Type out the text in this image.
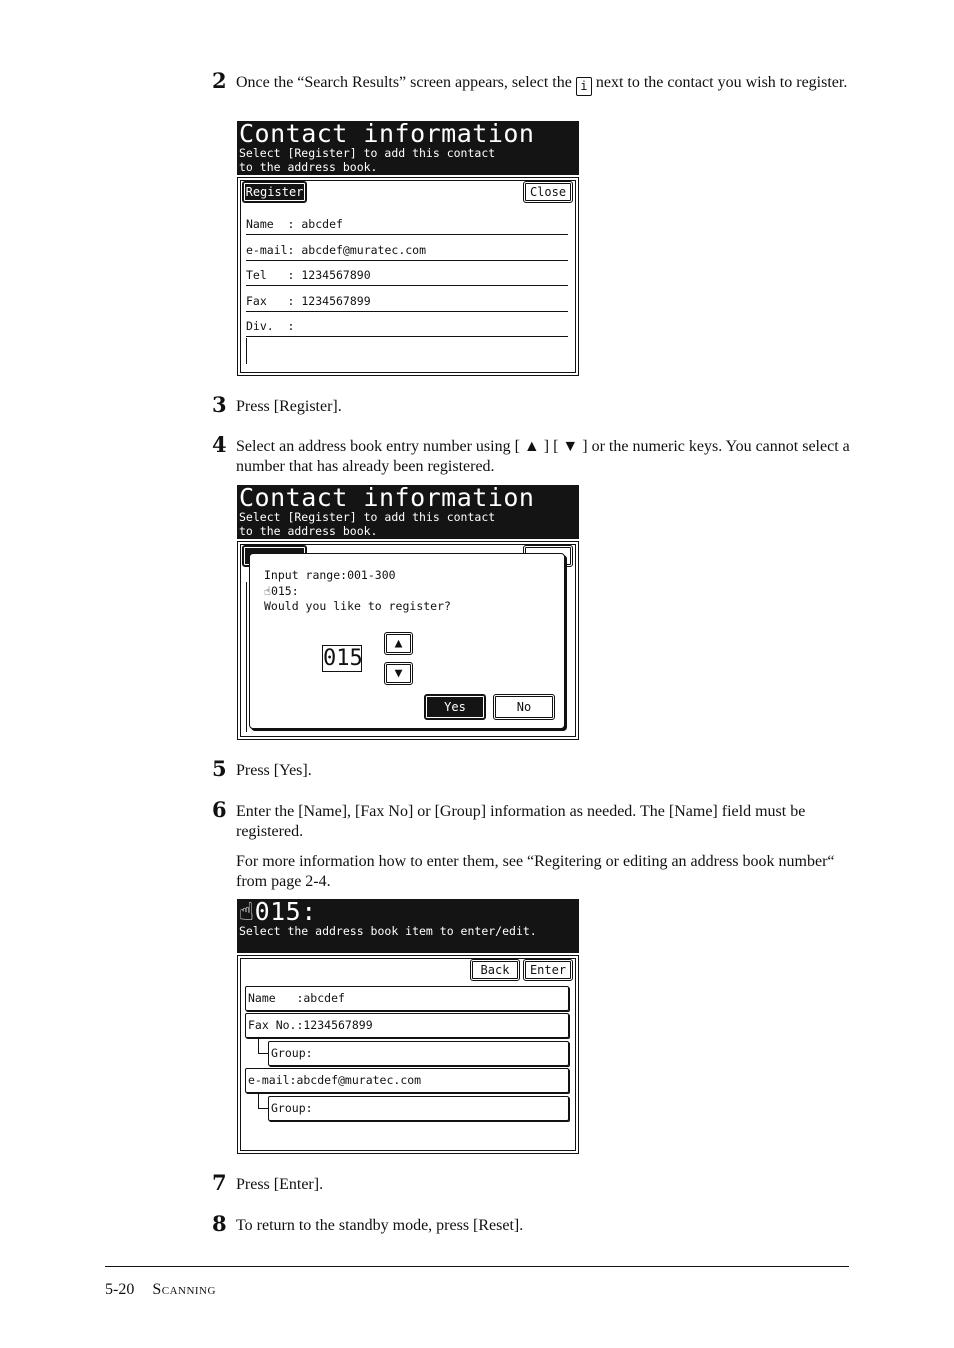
2 Once the “Search Results” screen appears, select the i next to the contact you wish to register.
Contact information
Select [Register] to add this contact
to the address book.
Register	Close
Name  : abcdef
e-mail: abcdef@muratec.com
Tel   : 1234567890
Fax   : 1234567899
Div.  :
3 Press [Register].
4 Select an address book entry number using [ ▲ ] [ ▼ ] or the numeric keys. You cannot select a number that has already been registered.
Contact information
Select [Register] to add this contact
to the address book.
Input range:001-300
☝015:
Would you like to register?
015
▲
▼
Yes	No
5 Press [Yes].
6 Enter the [Name], [Fax No] or [Group] information as needed. The [Name] field must be registered.
For more information how to enter them, see “Regitering or editing an address book number“ from page 2-4.
☝015:
Select the address book item to enter/edit.
Back	Enter
Name   :abcdef
Fax No.:1234567899
Group:
e-mail:abcdef@muratec.com
Group:
7 Press [Enter].
8 To return to the standby mode, press [Reset].
5-20 Scanning
